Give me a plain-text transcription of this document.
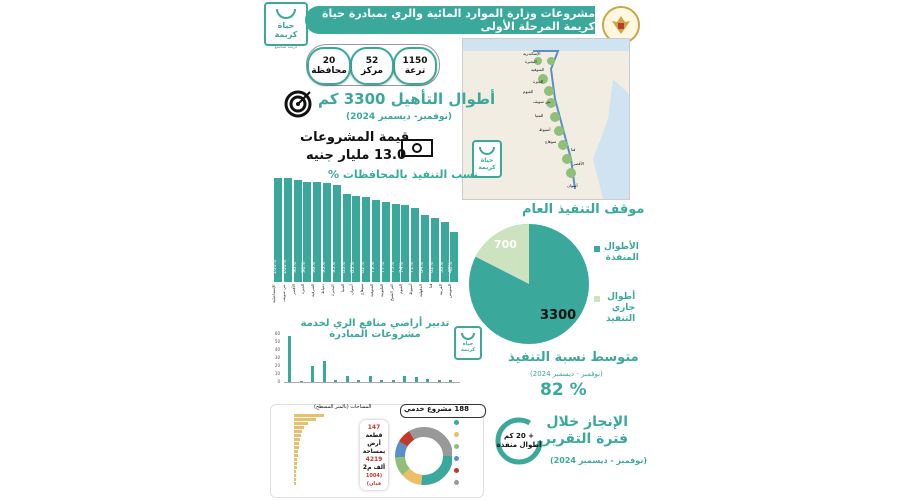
حياة
كريمة
كريمة لمجتمع
مشروعات وزارة الموارد المائية والري بمبادرة حياة كريمة المرحلة الأولى
1150
ترعة
52
مركز
20
محافظة
الإسكندرية
البحيرة
المنوفية
الجيزة
الفيوم
بني سويف
المنيا
أسيوط
سوهاج
قنا
الأقصر
أسوان
حياة
كريمة
أطوال التأهيل 3300 كم
(نوفمبر- ديسمبر 2024)
قيمة المشروعات
13.0 مليار جنيه
نسب التنفيذ بالمحافظات %
100%
الإسماعيلية
100%
بني سويف
98%
الأقصر
96%
الجيزة
96%
الشرقية
95%
دمياط
93%
البحيرة
85%
المنيا
83%
أسوان
82%
سوهاج
79%
المنوفية
77%
القليوبية
75%
كفر الشيخ
74%
الفيوم
71%
أسيوط
64%
الدقهلية
62%
قنا
58%
الغربية
48%
السويس
موقف التنفيذ العام
3300
700	الأطوال
المنفذة
أطوال
جاري
التنفيذ
تدبير أراضي منافع الري لخدمة
مشروعات المبادرة
حياة
كريمة
60
50
40
30
20
10
0
متوسط نسبة التنفيذ
(نوفمبر - ديسمبر 2024)
82 %
188 مشروع خدمي
المساحات (بالمتر المسطح)
147
قطعة
أرض
بمساحة
4219
ألف م2
(1004 فدان)
+ 20 كم
أطوال منفذة
الإنجاز خلال
فترة التقرير
(نوفمبر - ديسمبر 2024)
